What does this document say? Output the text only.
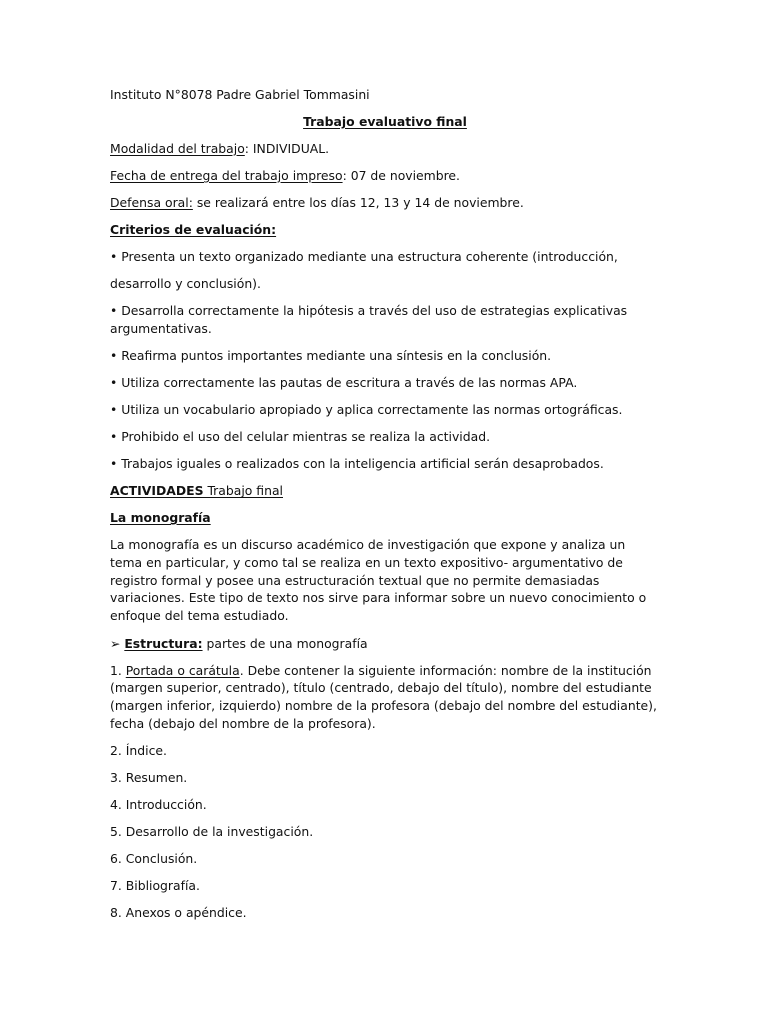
Instituto N°8078 Padre Gabriel Tommasini
Trabajo evaluativo final
Modalidad del trabajo: INDIVIDUAL.
Fecha de entrega del trabajo impreso: 07 de noviembre.
Defensa oral: se realizará entre los días 12, 13 y 14 de noviembre.
Criterios de evaluación:
• Presenta un texto organizado mediante una estructura coherente (introducción,
desarrollo y conclusión).
• Desarrolla correctamente la hipótesis a través del uso de estrategias explicativas argumentativas.
• Reafirma puntos importantes mediante una síntesis en la conclusión.
• Utiliza correctamente las pautas de escritura a través de las normas APA.
• Utiliza un vocabulario apropiado y aplica correctamente las normas ortográficas.
• Prohibido el uso del celular mientras se realiza la actividad.
• Trabajos iguales o realizados con la inteligencia artificial serán desaprobados.
ACTIVIDADES Trabajo final
La monografía

La monografía es un discurso académico de investigación que expone y analiza un tema en particular, y como tal se realiza en un texto expositivo- argumentativo de registro formal y posee una estructuración textual que no permite demasiadas variaciones. Este tipo de texto nos sirve para informar sobre un nuevo conocimiento o enfoque del tema estudiado.

➢ Estructura: partes de una monografía

1. Portada o carátula. Debe contener la siguiente información: nombre de la institución (margen superior, centrado), título (centrado, debajo del título), nombre del estudiante (margen inferior, izquierdo) nombre de la profesora (debajo del nombre del estudiante), fecha (debajo del nombre de la profesora).

2. Índice.
3. Resumen.
4. Introducción.
5. Desarrollo de la investigación.
6. Conclusión.
7. Bibliografía.
8. Anexos o apéndice.
